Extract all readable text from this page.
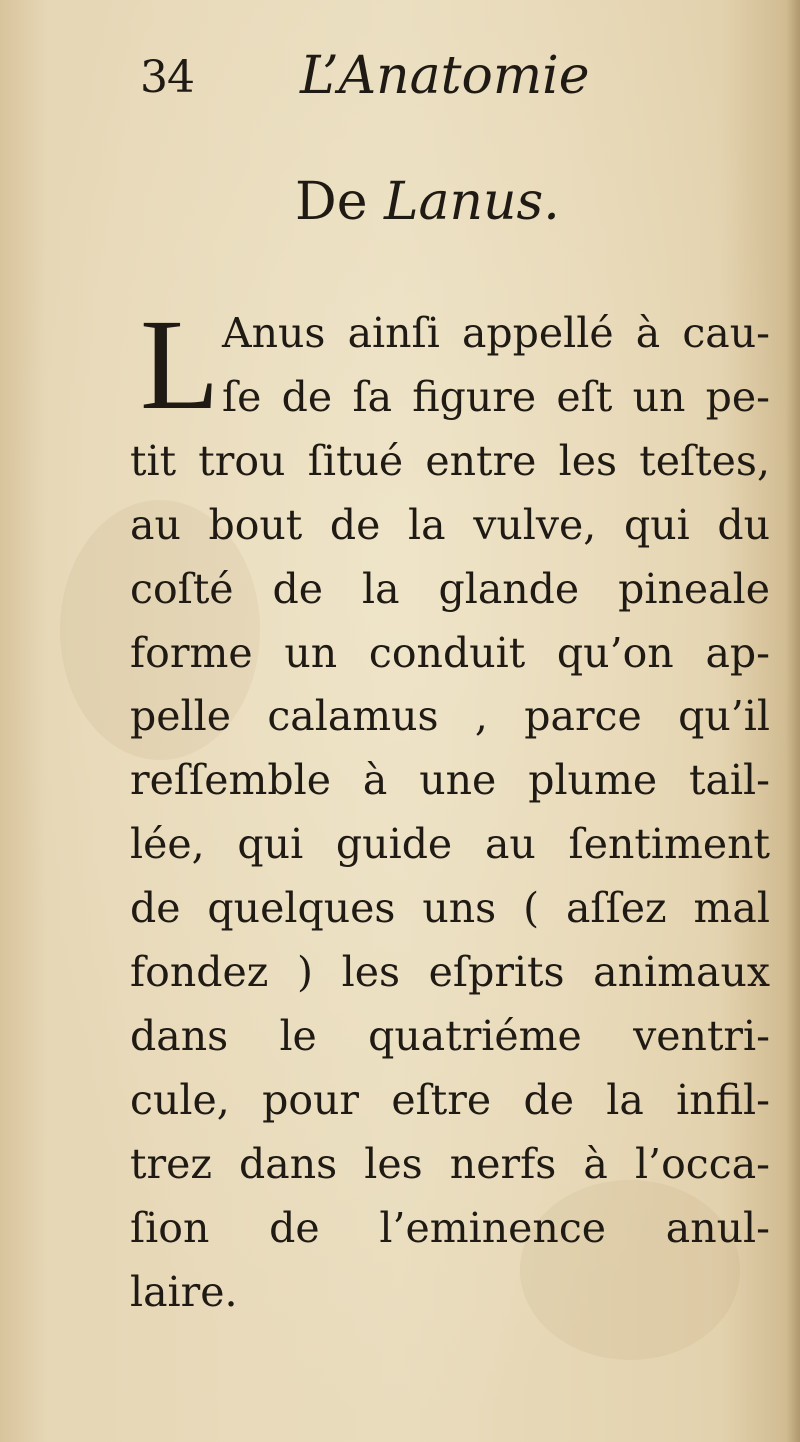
34 L’Anatomie
De Lanus.
L Anus ainſi appellé à cau-
ſe de ſa figure eſt un pe-
tit trou ſitué entre les teſtes,
au bout de la vulve, qui du
coſté de la glande pineale
forme un conduit qu’on ap-
pelle calamus , parce qu’il
reſſemble à une plume tail-
lée, qui guide au ſentiment
de quelques uns ( aſſez mal
fondez ) les eſprits animaux
dans le quatriéme ventri-
cule, pour eſtre de la infil-
trez dans les nerfs à l’occa-
ſion de l’eminence anul-
laire.
